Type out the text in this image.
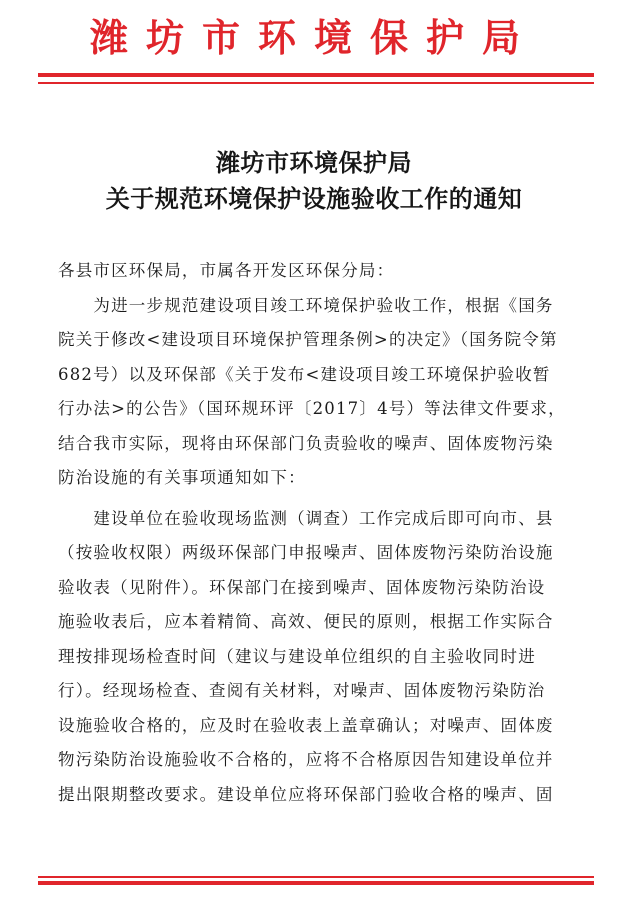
潍坊市环境保护局
潍坊市环境保护局
关于规范环境保护设施验收工作的通知
各县市区环保局，市属各开发区环保分局：
　　为进一步规范建设项目竣工环境保护验收工作，根据《国务
院关于修改<建设项目环境保护管理条例>的决定》（国务院令第
682号）以及环保部《关于发布<建设项目竣工环境保护验收暂
行办法>的公告》（国环规环评〔2017〕4号）等法律文件要求，
结合我市实际，现将由环保部门负责验收的噪声、固体废物污染
防治设施的有关事项通知如下：
　　建设单位在验收现场监测（调查）工作完成后即可向市、县
（按验收权限）两级环保部门申报噪声、固体废物污染防治设施
验收表（见附件）。环保部门在接到噪声、固体废物污染防治设
施验收表后，应本着精简、高效、便民的原则，根据工作实际合
理按排现场检查时间（建议与建设单位组织的自主验收同时进
行）。经现场检查、查阅有关材料，对噪声、固体废物污染防治
设施验收合格的，应及时在验收表上盖章确认；对噪声、固体废
物污染防治设施验收不合格的，应将不合格原因告知建设单位并
提出限期整改要求。建设单位应将环保部门验收合格的噪声、固
